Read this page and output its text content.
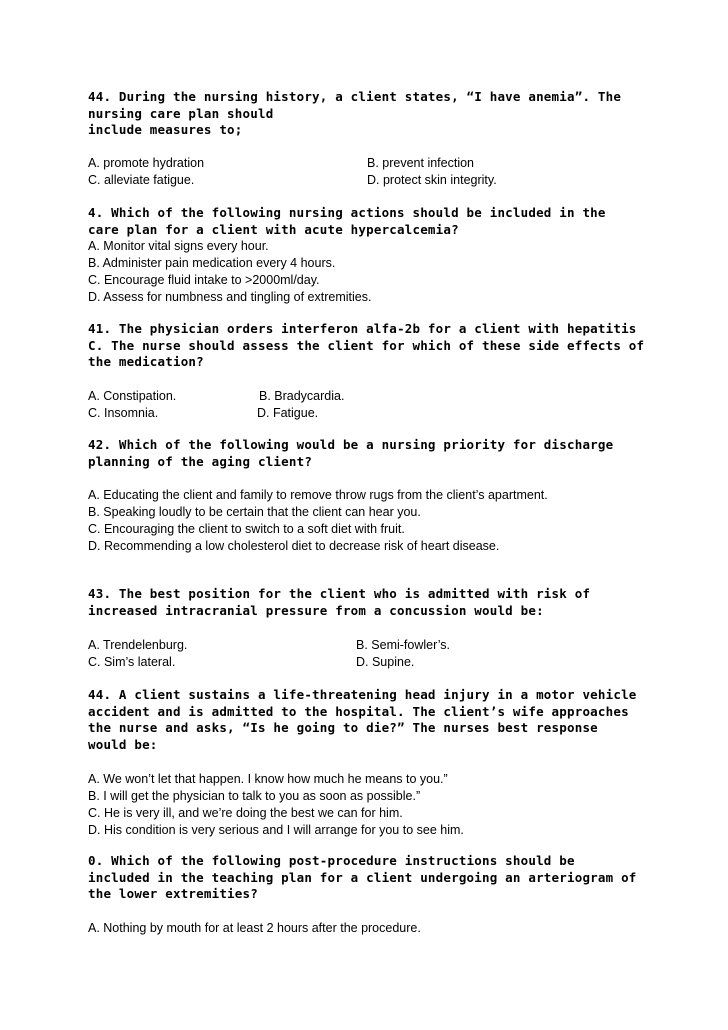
44. During the nursing history, a client states, “I have anemia”. The
nursing care plan should
include measures to;

A. promote hydration	B. prevent infection
C. alleviate fatigue.	D. protect skin integrity.

4. Which of the following nursing actions should be included in the
care plan for a client with acute hypercalcemia?

A. Monitor vital signs every hour.
B. Administer pain medication every 4 hours.
C. Encourage fluid intake to >2000ml/day.
D. Assess for numbness and tingling of extremities.

41. The physician orders interferon alfa-2b for a client with hepatitis
C. The nurse should assess the client for which of these side effects of
the medication?

A. Constipation.	B. Bradycardia.
C. Insomnia.	D. Fatigue.

42. Which of the following would be a nursing priority for discharge
planning of the aging client?

A. Educating the client and family to remove throw rugs from the client’s apartment.
B. Speaking loudly to be certain that the client can hear you.
C. Encouraging the client to switch to a soft diet with fruit.
D. Recommending a low cholesterol diet to decrease risk of heart disease.

43. The best position for the client who is admitted with risk of
increased intracranial pressure from a concussion would be:

A. Trendelenburg.	B. Semi-fowler’s.
C. Sim’s lateral.	D. Supine.

44. A client sustains a life-threatening head injury in a motor vehicle
accident and is admitted to the hospital. The client’s wife approaches
the nurse and asks, “Is he going to die?” The nurses best response
would be:

A. We won’t let that happen. I know how much he means to you.”
B. I will get the physician to talk to you as soon as possible.”
C. He is very ill, and we’re doing the best we can for him.
D. His condition is very serious and I will arrange for you to see him.

0. Which of the following post-procedure instructions should be
included in the teaching plan for a client undergoing an arteriogram of
the lower extremities?

A. Nothing by mouth for at least 2 hours after the procedure.
